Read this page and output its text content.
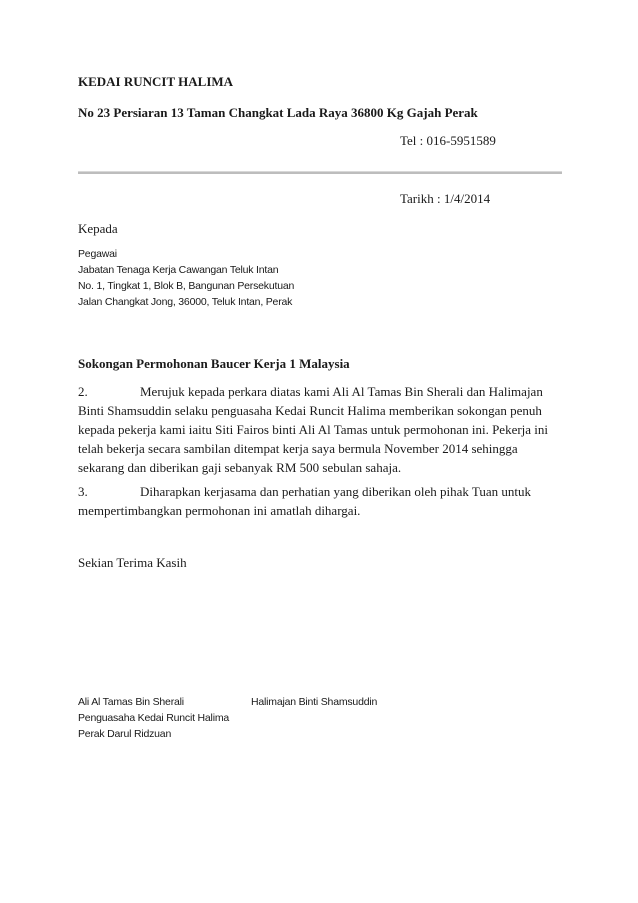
KEDAI RUNCIT HALIMA
No 23 Persiaran 13 Taman Changkat Lada Raya 36800 Kg Gajah Perak
Tel : 016-5951589
Tarikh : 1/4/2014
Kepada
Pegawai
Jabatan Tenaga Kerja Cawangan Teluk Intan
No. 1, Tingkat 1, Blok B, Bangunan Persekutuan
Jalan Changkat Jong, 36000, Teluk Intan, Perak
Sokongan Permohonan Baucer Kerja 1 Malaysia
2.	Merujuk kepada perkara diatas kami Ali Al Tamas Bin Sherali dan Halimajan
Binti Shamsuddin selaku penguasaha Kedai Runcit Halima memberikan sokongan penuh
kepada pekerja kami iaitu Siti Fairos binti Ali Al Tamas untuk permohonan ini. Pekerja ini
telah bekerja secara sambilan ditempat kerja saya bermula November 2014 sehingga
sekarang dan diberikan gaji sebanyak RM 500 sebulan sahaja.
3.	Diharapkan kerjasama dan perhatian yang diberikan oleh pihak Tuan untuk
mempertimbangkan permohonan ini amatlah dihargai.
Sekian Terima Kasih
Ali Al Tamas Bin Sherali
Penguasaha Kedai Runcit Halima
Perak Darul Ridzuan
Halimajan Binti Shamsuddin
